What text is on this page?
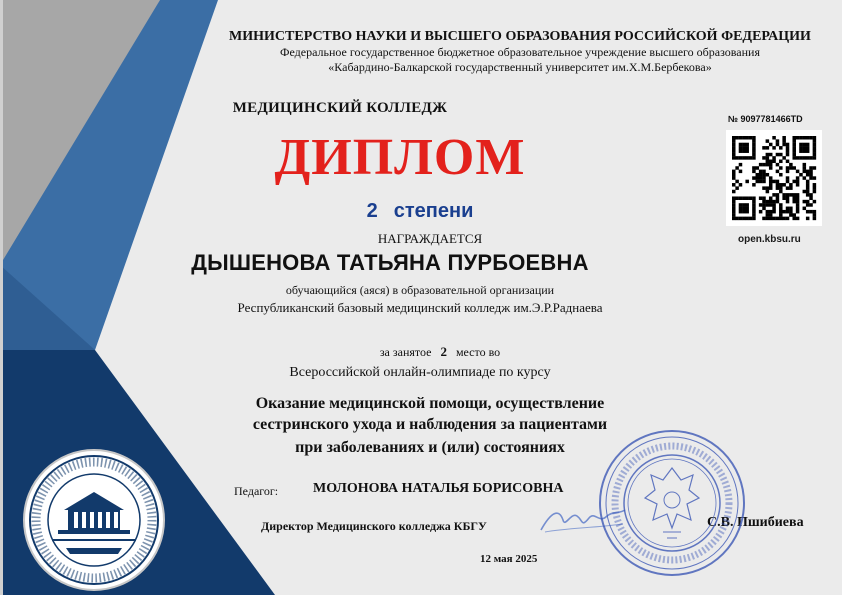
МИНИСТЕРСТВО НАУКИ И ВЫСШЕГО ОБРАЗОВАНИЯ РОССИЙСКОЙ ФЕДЕРАЦИИ
Федеральное государственное бюджетное образовательное учреждение высшего образования
«Кабардино-Балкарской государственный университет им.Х.М.Бербекова»
МЕДИЦИНСКИЙ КОЛЛЕДЖ
ДИПЛОМ
2 степени
НАГРАЖДАЕТСЯ
ДЫШЕНОВА ТАТЬЯНА ПУРБОЕВНА
обучающийся (аяся) в образовательной организации
Республиканский базовый медицинский колледж им.Э.Р.Раднаева
за занятое 2 место во
Всероссийской онлайн-олимпиаде по курсу
Оказание медицинской помощи, осуществление
сестринского ухода и наблюдения за пациентами
при заболеваниях и (или) состояниях
Педагог: МОЛОНОВА НАТАЛЬЯ БОРИСОВНА
Директор Медицинского колледжа КБГУ	С.В. Пшибиева
12 мая 2025
№ 9097781466TD
open.kbsu.ru
